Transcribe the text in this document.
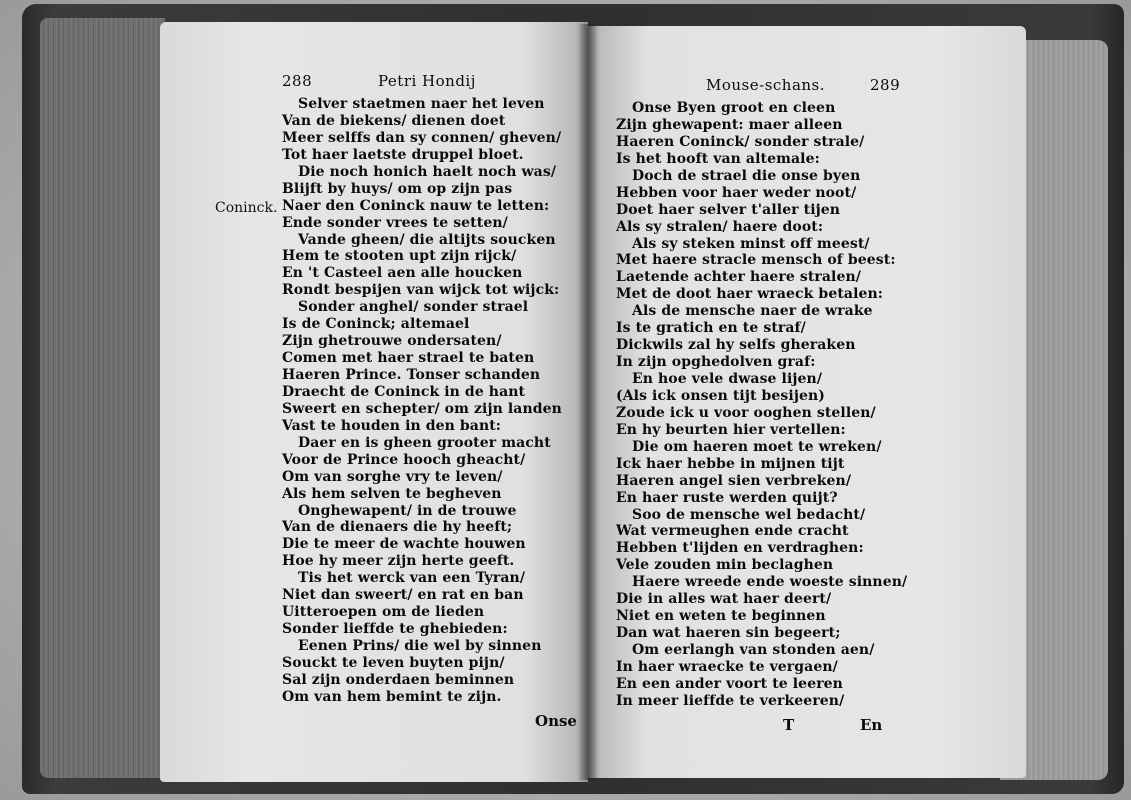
288	Petri Hondij
Selver staetmen naer het leven
Van de biekens/ dienen doet
Meer selffs dan sy connen/ gheven/
Tot haer laetste druppel bloet.
Die noch honich haelt noch was/
Blijft by huys/ om op zijn pas
Naer den Coninck nauw te letten:
Ende sonder vrees te setten/
Vande gheen/ die altijts soucken
Hem te stooten upt zijn rijck/
En 't Casteel aen alle houcken
Rondt bespijen van wijck tot wijck:
Sonder anghel/ sonder strael
Is de Coninck; altemael
Zijn ghetrouwe ondersaten/
Comen met haer strael te baten
Haeren Prince. Tonser schanden
Draecht de Coninck in de hant
Sweert en schepter/ om zijn landen
Vast te houden in den bant:
Daer en is gheen grooter macht
Voor de Prince hooch gheacht/
Om van sorghe vry te leven/
Als hem selven te begheven
Onghewapent/ in de trouwe
Van de dienaers die hy heeft;
Die te meer de wachte houwen
Hoe hy meer zijn herte geeft.
Tis het werck van een Tyran/
Niet dan sweert/ en rat en ban
Uitteroepen om de lieden
Sonder lieffde te ghebieden:
Eenen Prins/ die wel by sinnen
Souckt te leven buyten pijn/
Sal zijn onderdaen beminnen
Om van hem bemint te zijn.
Onse
Coninck.
Mouse-schans.	289
Onse Byen groot en cleen
Zijn ghewapent: maer alleen
Haeren Coninck/ sonder strale/
Is het hooft van altemale:
Doch de strael die onse byen
Hebben voor haer weder noot/
Doet haer selver t'aller tijen
Als sy stralen/ haere doot:
Als sy steken minst off meest/
Met haere stracle mensch of beest:
Laetende achter haere stralen/
Met de doot haer wraeck betalen:
Als de mensche naer de wrake
Is te gratich en te straf/
Dickwils zal hy selfs gheraken
In zijn opghedolven graf:
En hoe vele dwase lijen/
(Als ick onsen tijt besijen)
Zoude ick u voor ooghen stellen/
En hy beurten hier vertellen:
Die om haeren moet te wreken/
Ick haer hebbe in mijnen tijt
Haeren angel sien verbreken/
En haer ruste werden quijt?
Soo de mensche wel bedacht/
Wat vermeughen ende cracht
Hebben t'lijden en verdraghen:
Vele zouden min beclaghen
Haere wreede ende woeste sinnen/
Die in alles wat haer deert/
Niet en weten te beginnen
Dan wat haeren sin begeert;
Om eerlangh van stonden aen/
In haer wraecke te vergaen/
En een ander voort te leeren
In meer lieffde te verkeeren/
T	En
